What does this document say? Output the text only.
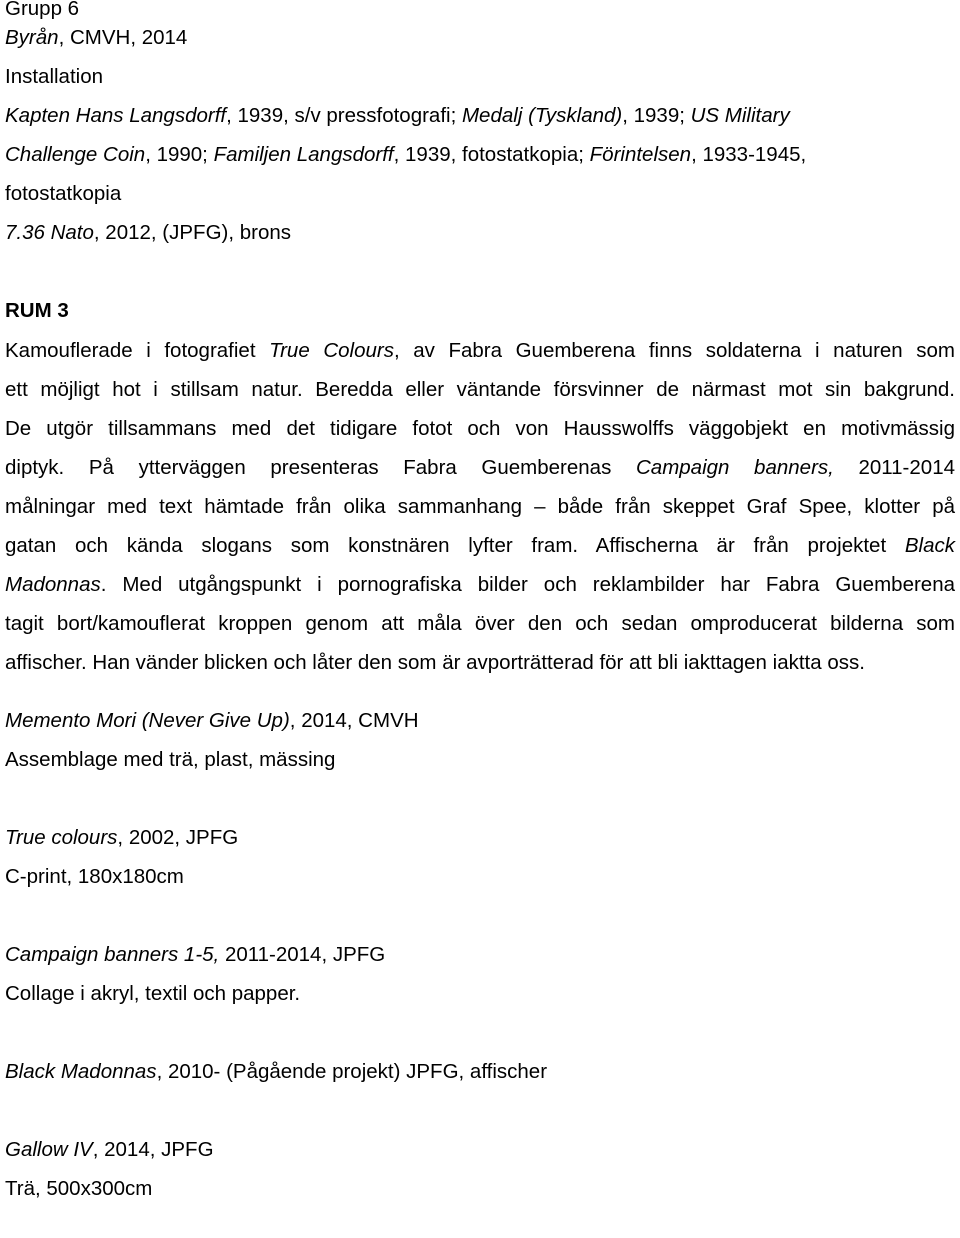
Grupp 6
Byrån, CMVH, 2014
Installation
Kapten Hans Langsdorff, 1939, s/v pressfotografi; Medalj (Tyskland), 1939; US Military
Challenge Coin, 1990; Familjen Langsdorff, 1939, fotostatkopia; Förintelsen, 1933-1945,
fotostatkopia
7.36 Nato, 2012, (JPFG), brons
RUM 3
Kamouflerade i fotografiet True Colours, av Fabra Guemberena finns soldaterna i naturen som
ett möjligt hot i stillsam natur. Beredda eller väntande försvinner de närmast mot sin bakgrund.
De utgör tillsammans med det tidigare fotot och von Hausswolffs väggobjekt en motivmässig
diptyk. På ytterväggen presenteras Fabra Guemberenas Campaign banners, 2011-2014
målningar med text hämtade från olika sammanhang – både från skeppet Graf Spee, klotter på
gatan och kända slogans som konstnären lyfter fram. Affischerna är från projektet Black
Madonnas. Med utgångspunkt i pornografiska bilder och reklambilder har Fabra Guemberena
tagit bort/kamouflerat kroppen genom att måla över den och sedan omproducerat bilderna som
affischer. Han vänder blicken och låter den som är avporträtterad för att bli iakttagen iaktta oss.
Memento Mori (Never Give Up), 2014, CMVH
Assemblage med trä, plast, mässing
True colours, 2002, JPFG
C-print, 180x180cm
Campaign banners 1-5, 2011-2014, JPFG
Collage i akryl, textil och papper.
Black Madonnas, 2010- (Pågående projekt) JPFG, affischer
Gallow IV, 2014, JPFG
Trä, 500x300cm
